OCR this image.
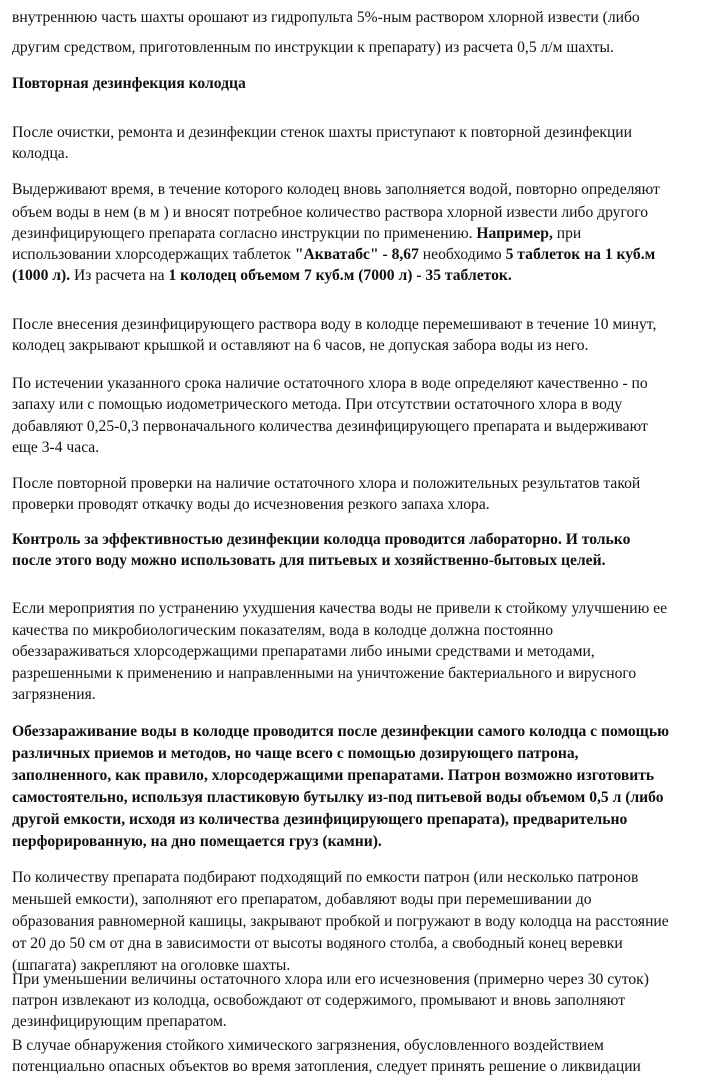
внутреннюю часть шахты орошают из гидропульта 5%-ным раствором хлорной извести (либо
другим средством, приготовленным по инструкции к препарату) из расчета 0,5 л/м шахты.
Повторная дезинфекция колодца
После очистки, ремонта и дезинфекции стенок шахты приступают к повторной дезинфекции
колодца.
Выдерживают время, в течение которого колодец вновь заполняется водой, повторно определяют
объем воды в нем (в м ) и вносят потребное количество раствора хлорной извести либо другого
дезинфицирующего препарата согласно инструкции по применению. Например, при
использовании хлорсодержащих таблеток "Акватабс" - 8,67 необходимо 5 таблеток на 1 куб.м
(1000 л). Из расчета на 1 колодец объемом 7 куб.м (7000 л) - 35 таблеток.
После внесения дезинфицирующего раствора воду в колодце перемешивают в течение 10 минут,
колодец закрывают крышкой и оставляют на 6 часов, не допуская забора воды из него.
По истечении указанного срока наличие остаточного хлора в воде определяют качественно - по
запаху или с помощью иодометрического метода. При отсутствии остаточного хлора в воду
добавляют 0,25-0,3 первоначального количества дезинфицирующего препарата и выдерживают
еще 3-4 часа.
После повторной проверки на наличие остаточного хлора и положительных результатов такой
проверки проводят откачку воды до исчезновения резкого запаха хлора.
Контроль за эффективностью дезинфекции колодца проводится лабораторно. И только
после этого воду можно использовать для питьевых и хозяйственно-бытовых целей.
Если мероприятия по устранению ухудшения качества воды не привели к стойкому улучшению ее
качества по микробиологическим показателям, вода в колодце должна постоянно
обеззараживаться хлорсодержащими препаратами либо иными средствами и методами,
разрешенными к применению и направленными на уничтожение бактериального и вирусного
загрязнения.
Обеззараживание воды в колодце проводится после дезинфекции самого колодца с помощью
различных приемов и методов, но чаще всего с помощью дозирующего патрона,
заполненного, как правило, хлорсодержащими препаратами. Патрон возможно изготовить
самостоятельно, используя пластиковую бутылку из-под питьевой воды объемом 0,5 л (либо
другой емкости, исходя из количества дезинфицирующего препарата), предварительно
перфорированную, на дно помещается груз (камни).
По количеству препарата подбирают подходящий по емкости патрон (или несколько патронов
меньшей емкости), заполняют его препаратом, добавляют воды при перемешивании до
образования равномерной кашицы, закрывают пробкой и погружают в воду колодца на расстояние
от 20 до 50 см от дна в зависимости от высоты водяного столба, а свободный конец веревки
(шпагата) закрепляют на оголовке шахты.
При уменьшении величины остаточного хлора или его исчезновения (примерно через 30 суток)
патрон извлекают из колодца, освобождают от содержимого, промывают и вновь заполняют
дезинфицирующим препаратом.
В случае обнаружения стойкого химического загрязнения, обусловленного воздействием
потенциально опасных объектов во время затопления, следует принять решение о ликвидации
